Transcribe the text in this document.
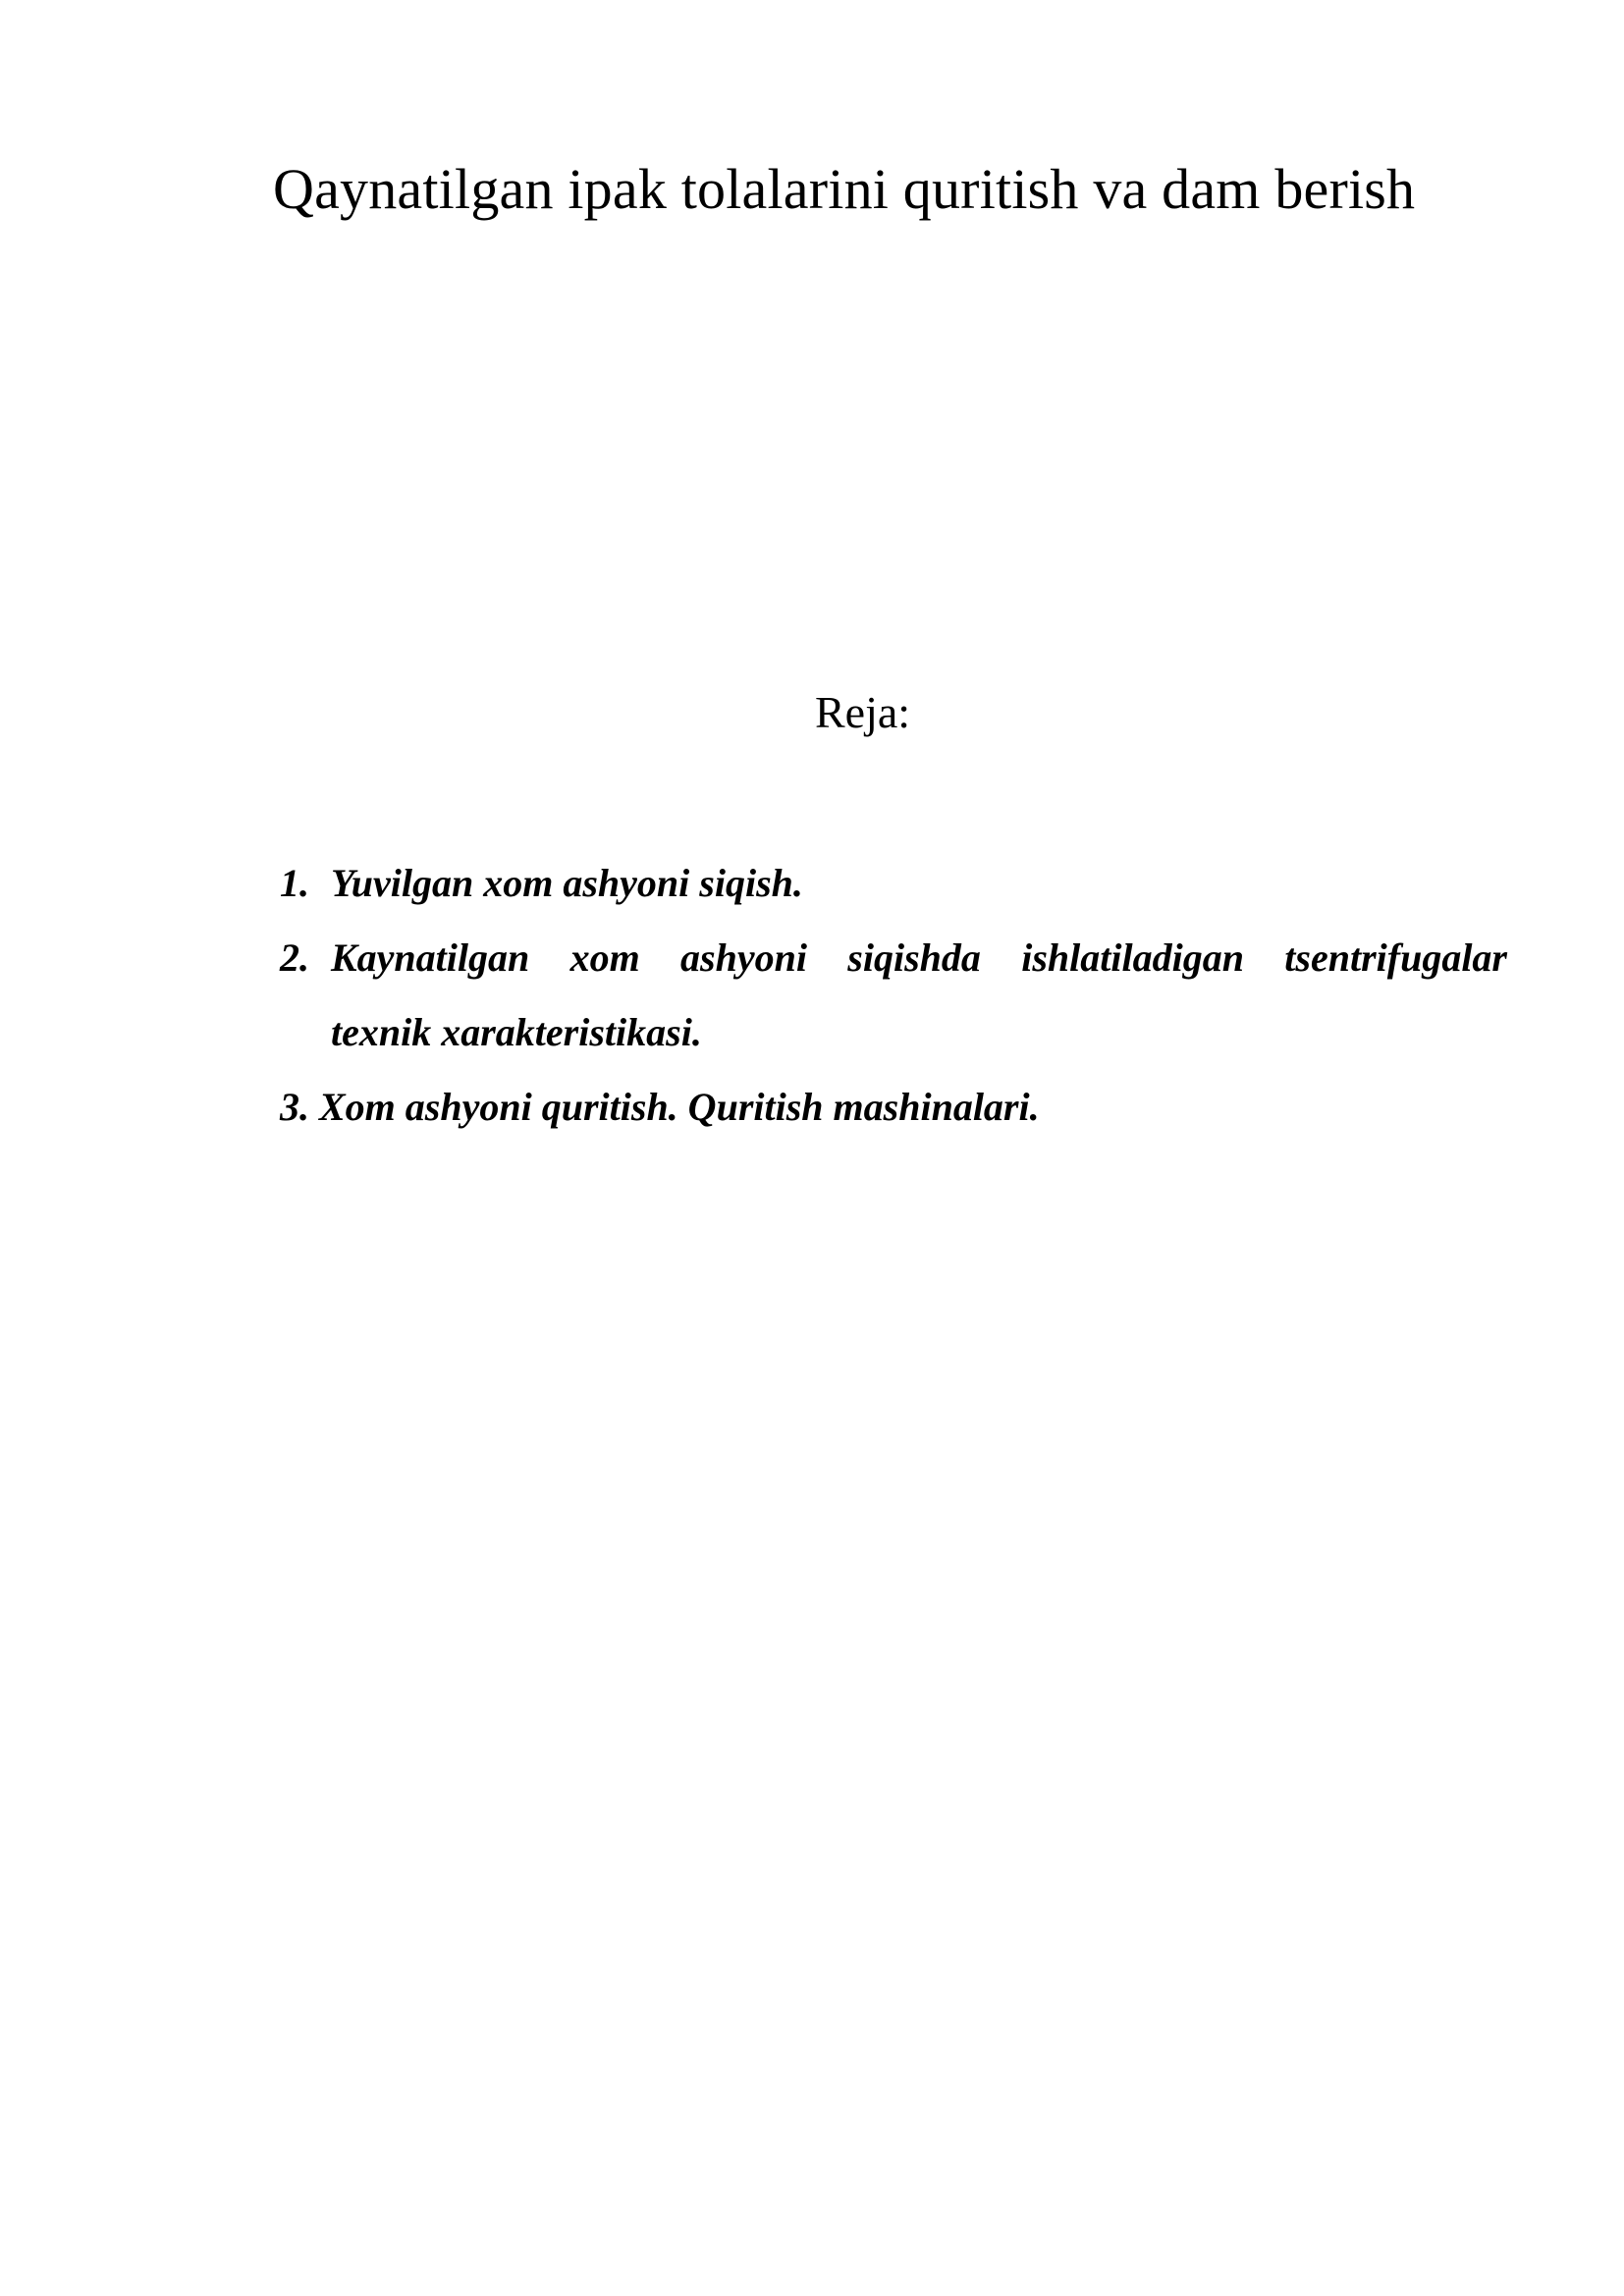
Qaynatilgan ipak tolalarini quritish va dam berish
Reja:
1. Yuvilgan xom ashyoni siqish.
2. Kaynatilgan xom ashyoni siqishda ishlatiladigan tsentrifugalar
texnik xarakteristikasi.
3. Xom ashyoni quritish. Quritish mashinalari.
